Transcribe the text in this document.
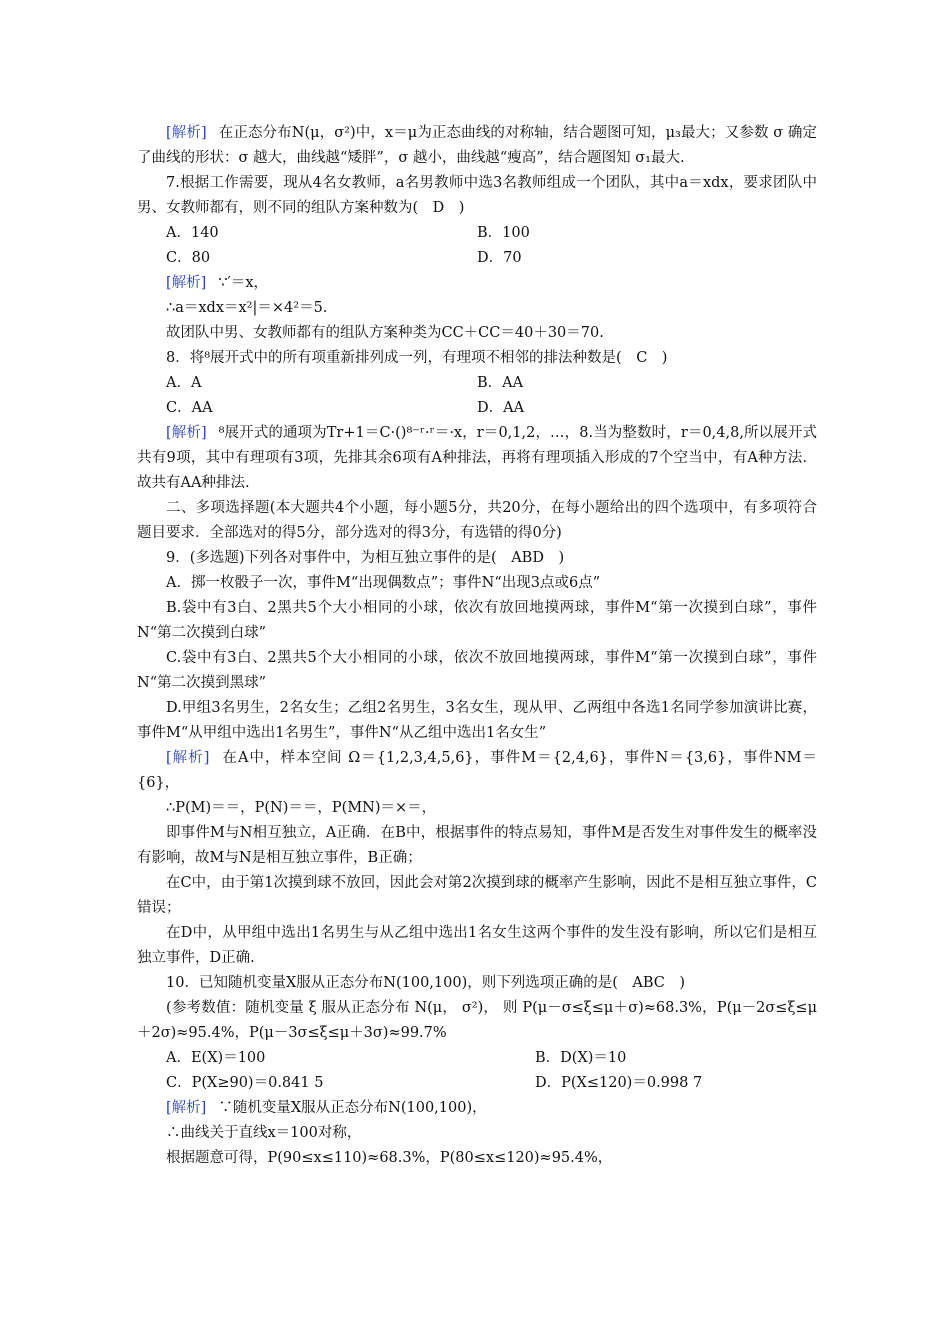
[解析] 在正态分布N(μ，σ²)中，x＝μ为正态曲线的对称轴，结合题图可知，μ₃最大；又参数 σ 确定了曲线的形状：σ 越大，曲线越“矮胖”，σ 越小，曲线越“瘦高”，结合题图知 σ₁最大.

7.根据工作需要，现从4名女教师，a名男教师中选3名教师组成一个团队，其中a＝xdx，要求团队中男、女教师都有，则不同的组队方案种数为(　D　)

A．140	B．100
C．80	D．70

[解析] ∵′＝x，

∴a＝xdx＝x²|＝×4²＝5.

故团队中男、女教师都有的组队方案种类为CC＋CC＝40＋30＝70.

8．将⁸展开式中的所有项重新排列成一列，有理项不相邻的排法种数是(　C　)

A．A	B．AA
C．AA	D．AA

[解析] ⁸展开式的通项为Tr+1＝C·()⁸⁻ʳ·ʳ＝·x，r＝0,1,2，…，8.当为整数时，r＝0,4,8,所以展开式共有9项，其中有理项有3项，先排其余6项有A种排法，再将有理项插入形成的7个空当中，有A种方法．故共有AA种排法.

二、多项选择题(本大题共4个小题，每小题5分，共20分，在每小题给出的四个选项中，有多项符合题目要求．全部选对的得5分，部分选对的得3分，有选错的得0分)

9．(多选题)下列各对事件中，为相互独立事件的是(　ABD　)

A．掷一枚骰子一次，事件M“出现偶数点”；事件N“出现3点或6点”

B.袋中有3白、2黑共5个大小相同的小球，依次有放回地摸两球，事件M“第一次摸到白球”，事件N“第二次摸到白球”

C.袋中有3白、2黑共5个大小相同的小球，依次不放回地摸两球，事件M“第一次摸到白球”，事件N“第二次摸到黑球”

D.甲组3名男生，2名女生；乙组2名男生，3名女生，现从甲、乙两组中各选1名同学参加演讲比赛，事件M“从甲组中选出1名男生”，事件N“从乙组中选出1名女生”

[解析] 在A中，样本空间 Ω＝{1,2,3,4,5,6}，事件M＝{2,4,6}，事件N＝{3,6}，事件NM＝{6}，

∴P(M)＝＝，P(N)＝＝，P(MN)＝×＝，

即事件M与N相互独立，A正确．在B中，根据事件的特点易知，事件M是否发生对事件发生的概率没有影响，故M与N是相互独立事件，B正确；

在C中，由于第1次摸到球不放回，因此会对第2次摸到球的概率产生影响，因此不是相互独立事件，C错误；

在D中，从甲组中选出1名男生与从乙组中选出1名女生这两个事件的发生没有影响，所以它们是相互独立事件，D正确.

10．已知随机变量X服从正态分布N(100,100)，则下列选项正确的是(　ABC　)

(参考数值：随机变量 ξ 服从正态分布 N(μ， σ²)， 则 P(μ－σ≤ξ≤μ＋σ)≈68.3%，P(μ－2σ≤ξ≤μ＋2σ)≈95.4%，P(μ－3σ≤ξ≤μ＋3σ)≈99.7%

A．E(X)＝100	B．D(X)＝10
C．P(X≥90)＝0.841 5	D．P(X≤120)＝0.998 7

[解析] ∵随机变量X服从正态分布N(100,100)，

∴曲线关于直线x＝100对称，

根据题意可得，P(90≤x≤110)≈68.3%，P(80≤x≤120)≈95.4%，
